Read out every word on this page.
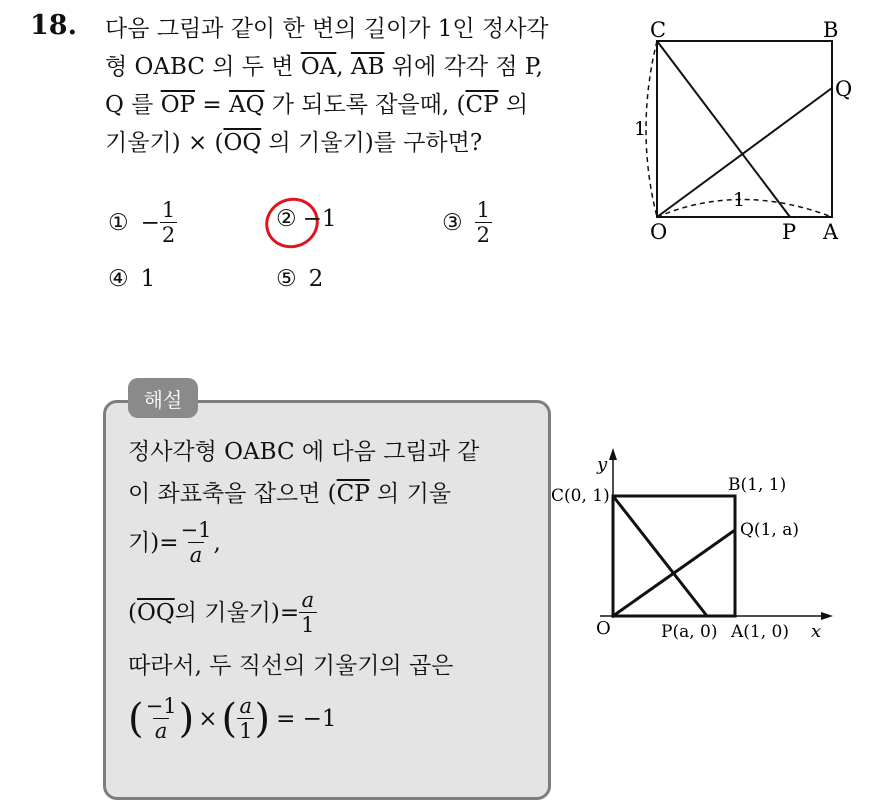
18. 다음 그림과 같이 한 변의 길이가 1인 정사각
형 OABC 의 두 변 $\overline{OA}$, $\overline{AB}$ 위에 각각 점 P,
Q 를 $\overline{OP} = \overline{AQ}$ 가 되도록 잡을때, ($\overline{CP}$ 의
기울기) × ($\overline{OQ}$ 의 기울기)를 구하면?
① − $\frac{1}{2}$	② −1	③ $\frac{1}{2}$
④ 1	⑤ 2
C	B
Q
O	P A
1
1
해설
정사각형 OABC 에 다음 그림과 같
이 좌표축을 잡으면 ($\overline{CP}$ 의 기울
기)= $\frac{-1}{a}$ ,
( $\overline{OQ}$ 의 기울기)= $\frac{a}{1}$
따라서, 두 직선의 기울기의 곱은
( $\frac{-1}{a}$ ) × ( $\frac{a}{1}$ ) = −1
y
x
O
C(0, 1)
B(1, 1)
Q(1, a)
P(a, 0) A(1, 0)
